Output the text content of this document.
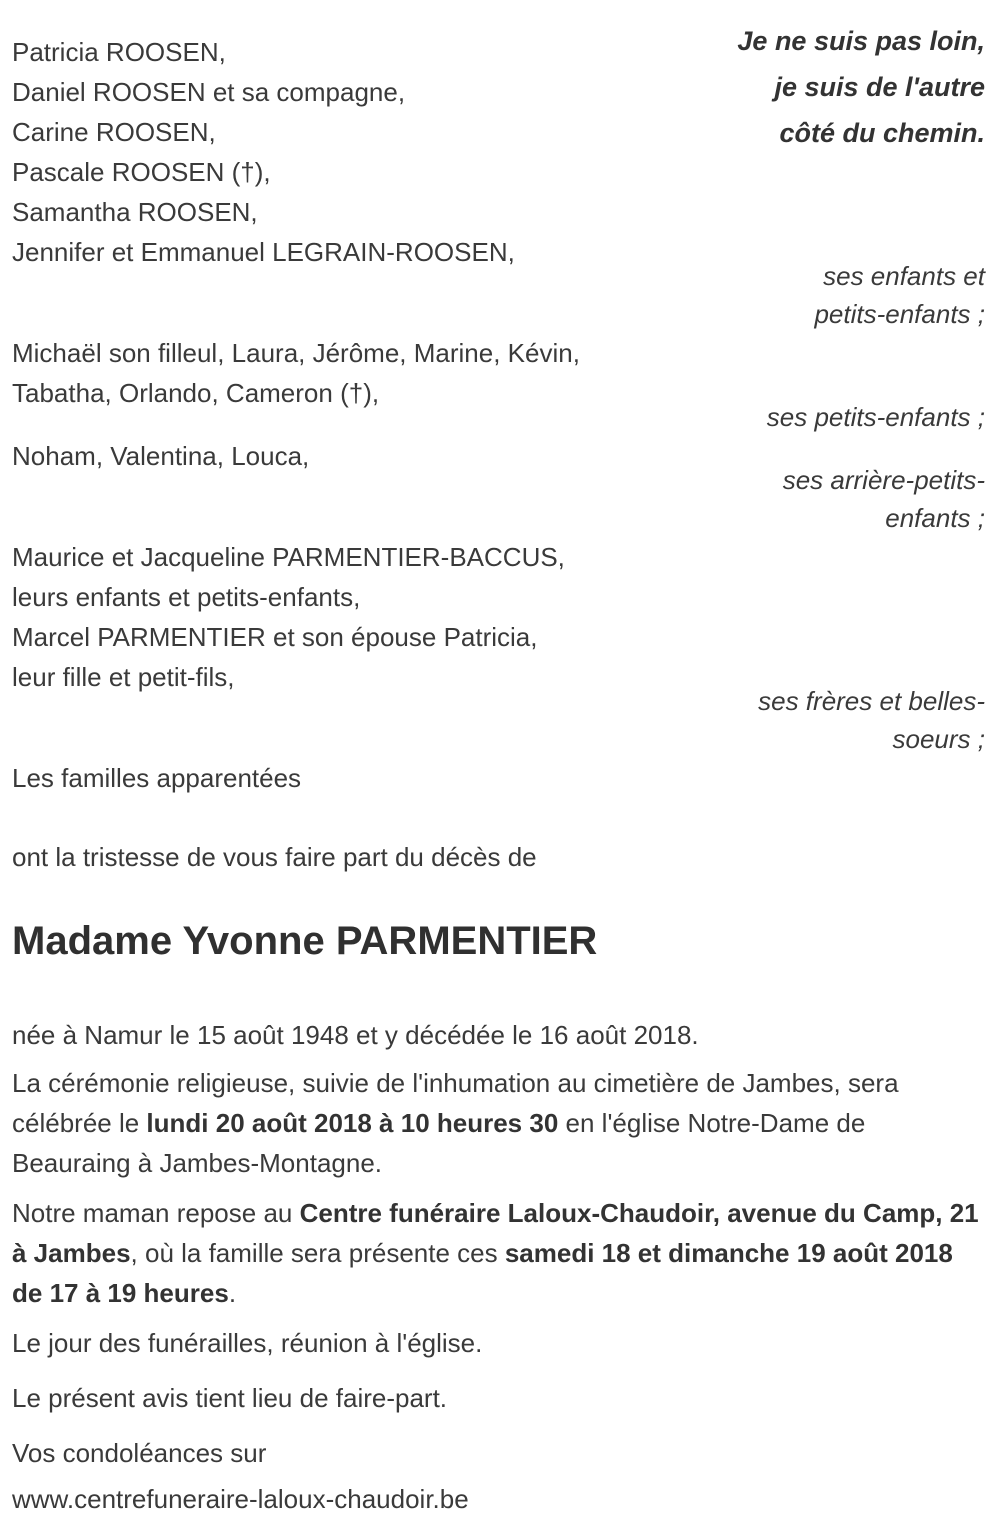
Je ne suis pas loin,
je suis de l'autre
côté du chemin.
Patricia ROOSEN,
Daniel ROOSEN et sa compagne,
Carine ROOSEN,
Pascale ROOSEN (†),
Samantha ROOSEN,
Jennifer et Emmanuel LEGRAIN-ROOSEN,
ses enfants et
petits-enfants ;
Michaël son filleul, Laura, Jérôme, Marine, Kévin,
Tabatha, Orlando, Cameron (†),
ses petits-enfants ;
Noham, Valentina, Louca,
ses arrière-petits-
enfants ;
Maurice et Jacqueline PARMENTIER-BACCUS,
leurs enfants et petits-enfants,
Marcel PARMENTIER et son épouse Patricia,
leur fille et petit-fils,
ses frères et belles-
soeurs ;
Les familles apparentées
ont la tristesse de vous faire part du décès de
Madame Yvonne PARMENTIER
née à Namur le 15 août 1948 et y décédée le 16 août 2018.
La cérémonie religieuse, suivie de l'inhumation au cimetière de Jambes, sera célébrée le lundi 20 août 2018 à 10 heures 30 en l'église Notre-Dame de Beauraing à Jambes-Montagne.
Notre maman repose au Centre funéraire Laloux-Chaudoir, avenue du Camp, 21 à Jambes, où la famille sera présente ces samedi 18 et dimanche 19 août 2018 de 17 à 19 heures.
Le jour des funérailles, réunion à l'église.
Le présent avis tient lieu de faire-part.
Vos condoléances sur
www.centrefuneraire-laloux-chaudoir.be
